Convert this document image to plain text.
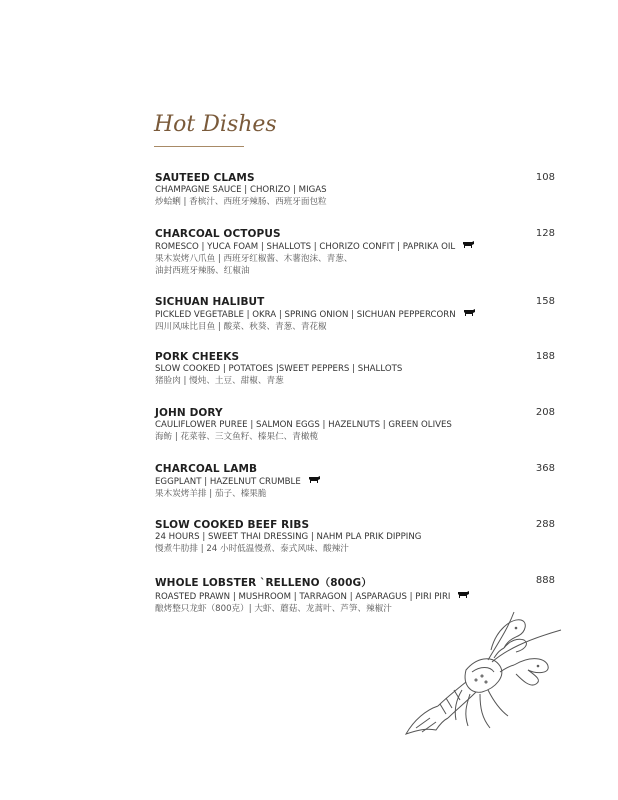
Hot Dishes
SAUTEED CLAMS	108
CHAMPAGNE SAUCE | CHORIZO | MIGAS
炒蛤蜊 | 香槟汁、西班牙辣肠、西班牙面包粒
CHARCOAL OCTOPUS	128
ROMESCO | YUCA FOAM | SHALLOTS | CHORIZO CONFIT | PAPRIKA OIL
果木炭烤八爪鱼 | 西班牙红椒酱、木薯泡沫、青葱、
油封西班牙辣肠、红椒油
SICHUAN HALIBUT	158
PICKLED VEGETABLE | OKRA | SPRING ONION | SICHUAN PEPPERCORN
四川风味比目鱼 | 酸菜、秋葵、青葱、青花椒
PORK CHEEKS	188
SLOW COOKED | POTATOES |SWEET PEPPERS | SHALLOTS
猪脸肉 | 慢炖、土豆、甜椒、青葱
JOHN DORY	208
CAULIFLOWER PUREE | SALMON EGGS | HAZELNUTS | GREEN OLIVES
海鲂 | 花菜蓉、三文鱼籽、榛果仁、青橄榄
CHARCOAL LAMB	368
EGGPLANT | HAZELNUT CRUMBLE
果木炭烤羊排 | 茄子、榛果脆
SLOW COOKED BEEF RIBS	288
24 HOURS | SWEET THAI DRESSING | NAHM PLA PRIK DIPPING
慢煮牛肋排 | 24 小时低温慢煮、泰式风味、酸辣汁
WHOLE LOBSTER `RELLENO（800G）	888
ROASTED PRAWN | MUSHROOM | TARRAGON | ASPARAGUS | PIRI PIRI
酿烤整只龙虾（800克）| 大虾、蘑菇、龙蒿叶、芦笋、辣椒汁
